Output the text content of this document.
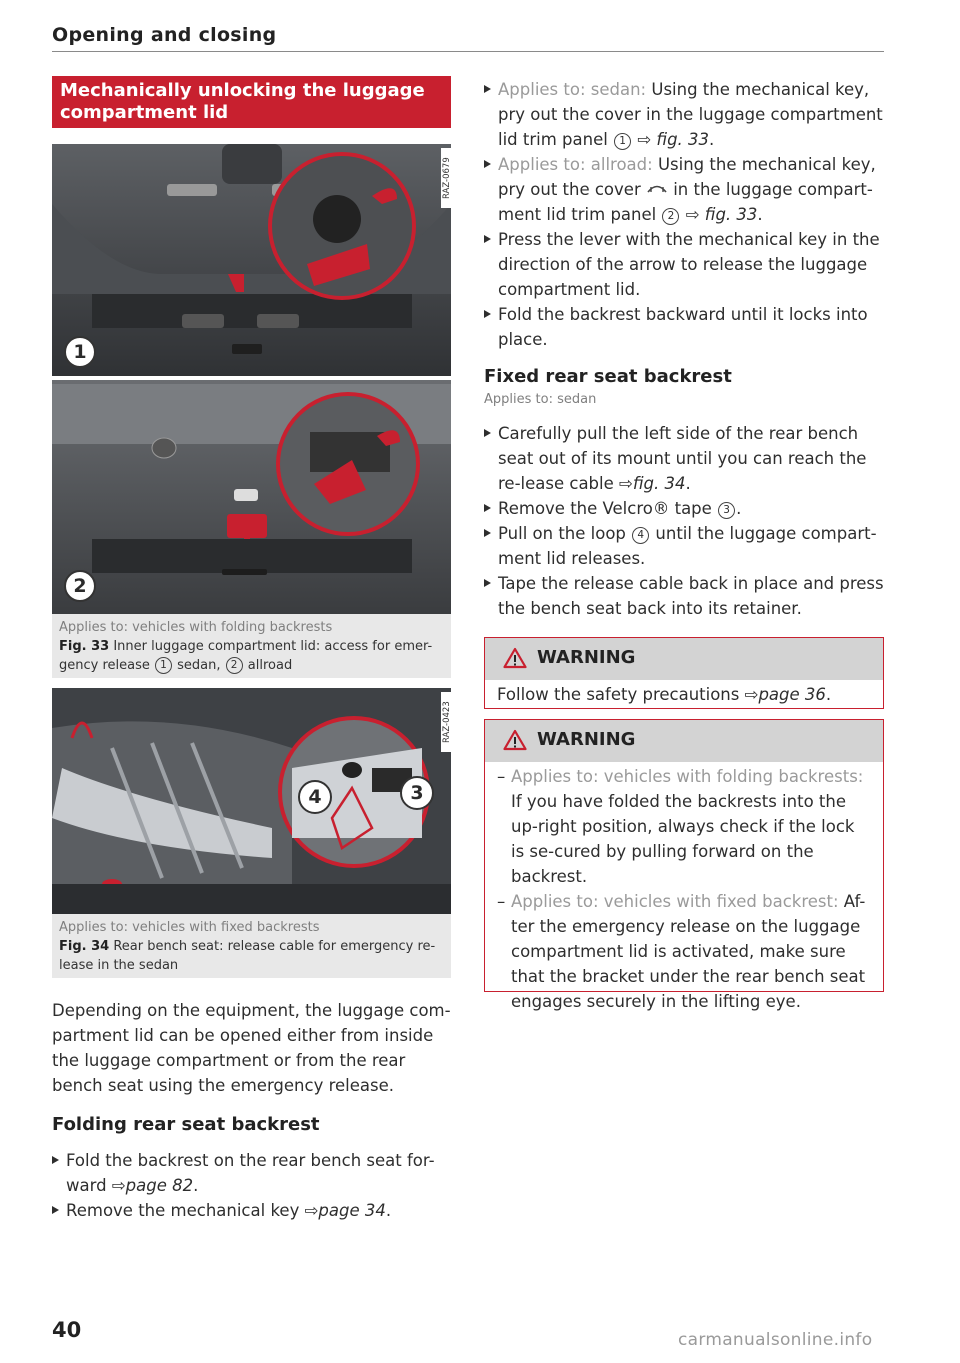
Opening and closing
Mechanically unlocking the luggage compartment lid
1
2
RAZ-0679
Applies to: vehicles with folding backrests
Fig. 33 Inner luggage compartment lid: access for emer-
gency release 1 sedan, 2 allroad
4	3
RAZ-0423
Applies to: vehicles with fixed backrests
Fig. 34 Rear bench seat: release cable for emergency re-
lease in the sedan
Depending on the equipment, the luggage com-partment lid can be opened either from inside the luggage compartment or from the rear bench seat using the emergency release.
Folding rear seat backrest
Fold the backrest on the rear bench seat for-ward ⇨page 82.
Remove the mechanical key ⇨page 34.
Applies to: sedan: Using the mechanical key, pry out the cover in the luggage compartment lid trim panel 1 ⇨ fig. 33.
Applies to: allroad: Using the mechanical key, pry out the cover  in the luggage compart-ment lid trim panel 2 ⇨ fig. 33.
Press the lever with the mechanical key in the direction of the arrow to release the luggage compartment lid.
Fold the backrest backward until it locks into place.
Fixed rear seat backrest
Applies to: sedan
Carefully pull the left side of the rear bench seat out of its mount until you can reach the re-lease cable ⇨fig. 34.
Remove the Velcro® tape 3 .
Pull on the loop 4 until the luggage compart-ment lid releases.
Tape the release cable back in place and press the bench seat back into its retainer.
WARNING
Follow the safety precautions ⇨page 36.
WARNING
– Applies to: vehicles with folding backrests: If you have folded the backrests into the up-right position, always check if the lock is se-cured by pulling forward on the backrest.
– Applies to: vehicles with fixed backrest: Af-ter the emergency release on the luggage compartment lid is activated, make sure that the bracket under the rear bench seat engages securely in the lifting eye.
40	carmanualsonline.info
